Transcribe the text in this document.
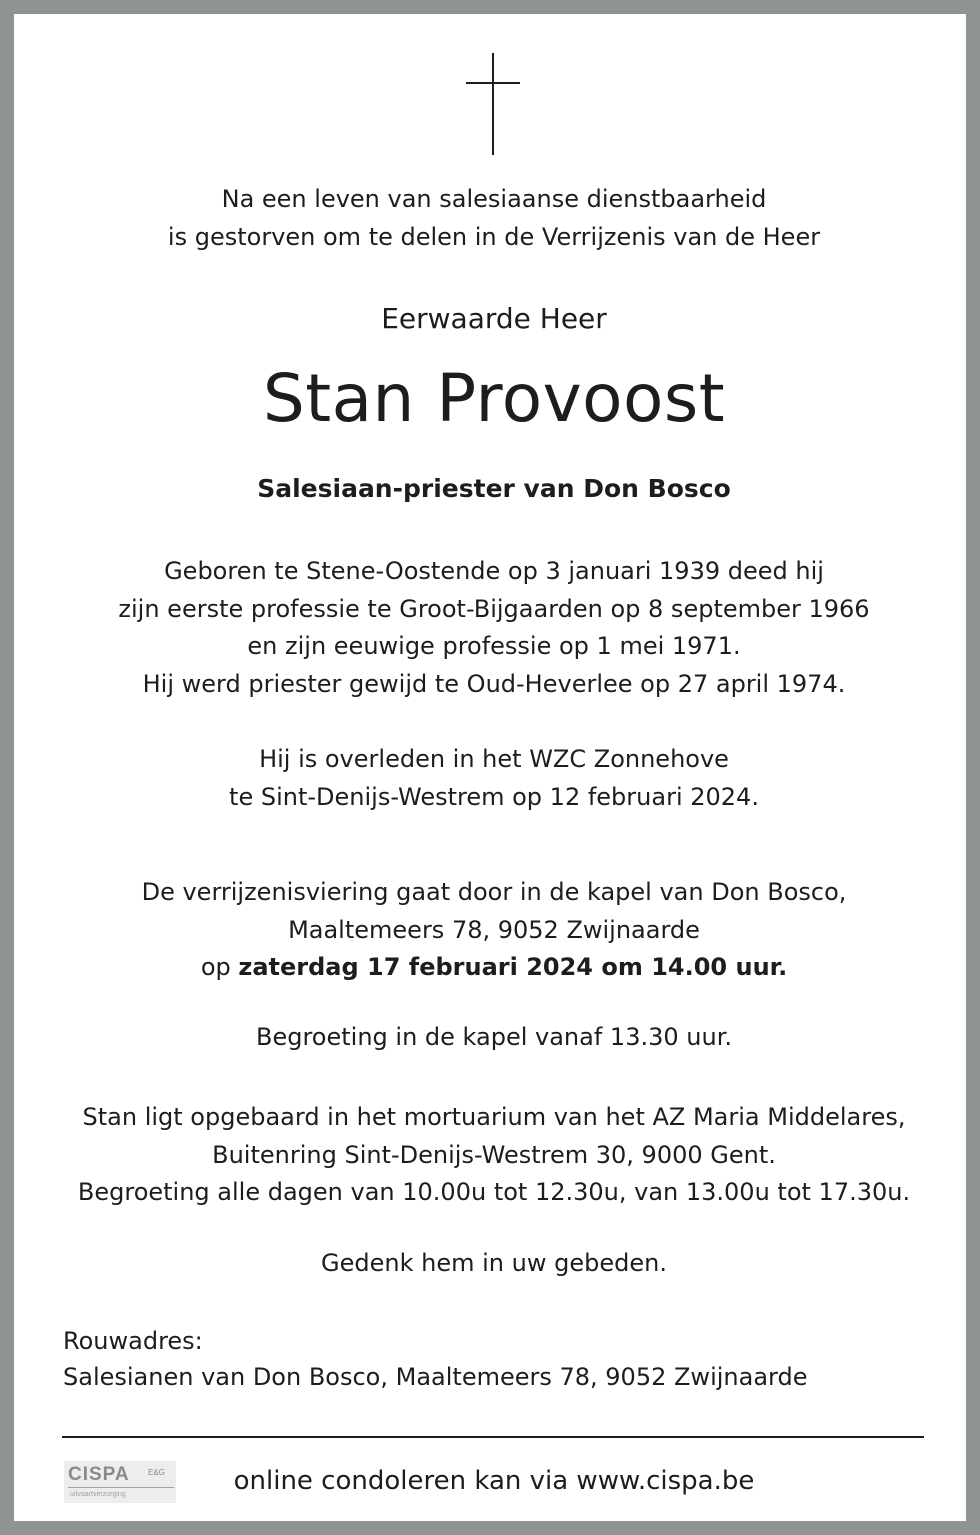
Na een leven van salesiaanse dienstbaarheid
is gestorven om te delen in de Verrijzenis van de Heer
Eerwaarde Heer
Stan Provoost
Salesiaan-priester van Don Bosco
Geboren te Stene-Oostende op 3 januari 1939 deed hij
zijn eerste professie te Groot-Bijgaarden op 8 september 1966
en zijn eeuwige professie op 1 mei 1971.
Hij werd priester gewijd te Oud-Heverlee op 27 april 1974.
Hij is overleden in het WZC Zonnehove
te Sint-Denijs-Westrem op 12 februari 2024.
De verrijzenisviering gaat door in de kapel van Don Bosco,
Maaltemeers 78, 9052 Zwijnaarde
op zaterdag 17 februari 2024 om 14.00 uur.
Begroeting in de kapel vanaf 13.30 uur.
Stan ligt opgebaard in het mortuarium van het AZ Maria Middelares,
Buitenring Sint-Denijs-Westrem 30, 9000 Gent.
Begroeting alle dagen van 10.00u tot 12.30u, van 13.00u tot 17.30u.
Gedenk hem in uw gebeden.
Rouwadres:
Salesianen van Don Bosco, Maaltemeers 78, 9052 Zwijnaarde
CISPA E&G
uitvaartverzorging	online condoleren kan via www.cispa.be
